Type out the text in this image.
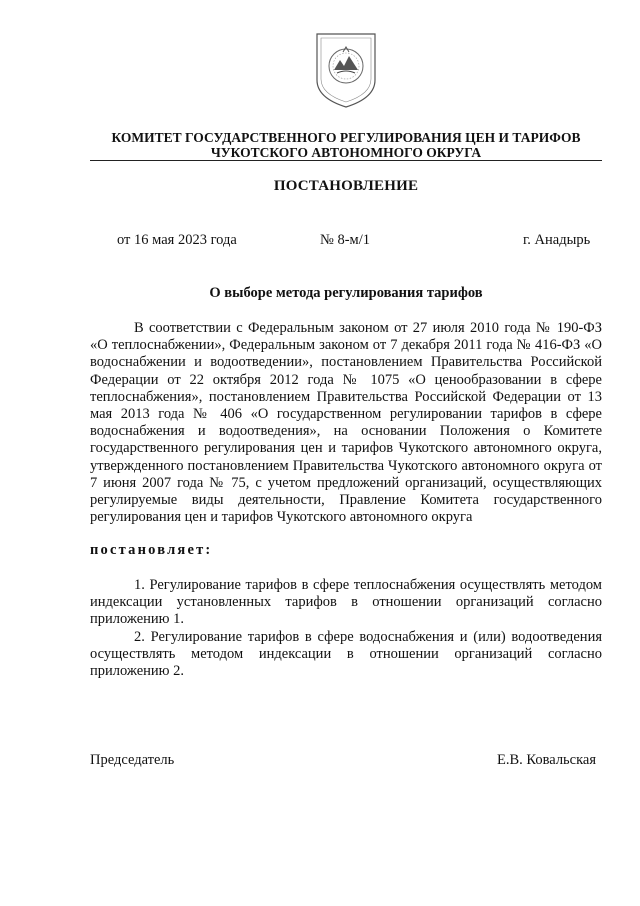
КОМИТЕТ ГОСУДАРСТВЕННОГО РЕГУЛИРОВАНИЯ ЦЕН И ТАРИФОВ
ЧУКОТСКОГО АВТОНОМНОГО ОКРУГА
ПОСТАНОВЛЕНИЕ
от 16 мая 2023 года	№ 8-м/1	г. Анадырь
О выборе метода регулирования тарифов

В соответствии с Федеральным законом от 27 июля 2010 года № 190-ФЗ «О теплоснабжении», Федеральным законом от 7 декабря 2011 года № 416-ФЗ «О водоснабжении и водоотведении», постановлением Правительства Российской Федерации от 22 октября 2012 года № 1075 «О ценообразовании в сфере теплоснабжения», постановлением Правительства Российской Федерации от 13 мая 2013 года № 406 «О государственном регулировании тарифов в сфере водоснабжения и водоотведения», на основании Положения о Комитете государственного регулирования цен и тарифов Чукотского автономного округа, утвержденного постановлением Правительства Чукотского автономного округа от 7 июня 2007 года № 75, с учетом предложений организаций, осуществляющих регулируемые виды деятельности, Правление Комитета государственного регулирования цен и тарифов Чукотского автономного округа

постановляет:

1. Регулирование тарифов в сфере теплоснабжения осуществлять методом индексации установленных тарифов в отношении организаций согласно приложению 1.

2. Регулирование тарифов в сфере водоснабжения и (или) водоотведения осуществлять методом индексации в отношении организаций согласно приложению 2.

Председатель	Е.В. Ковальская
